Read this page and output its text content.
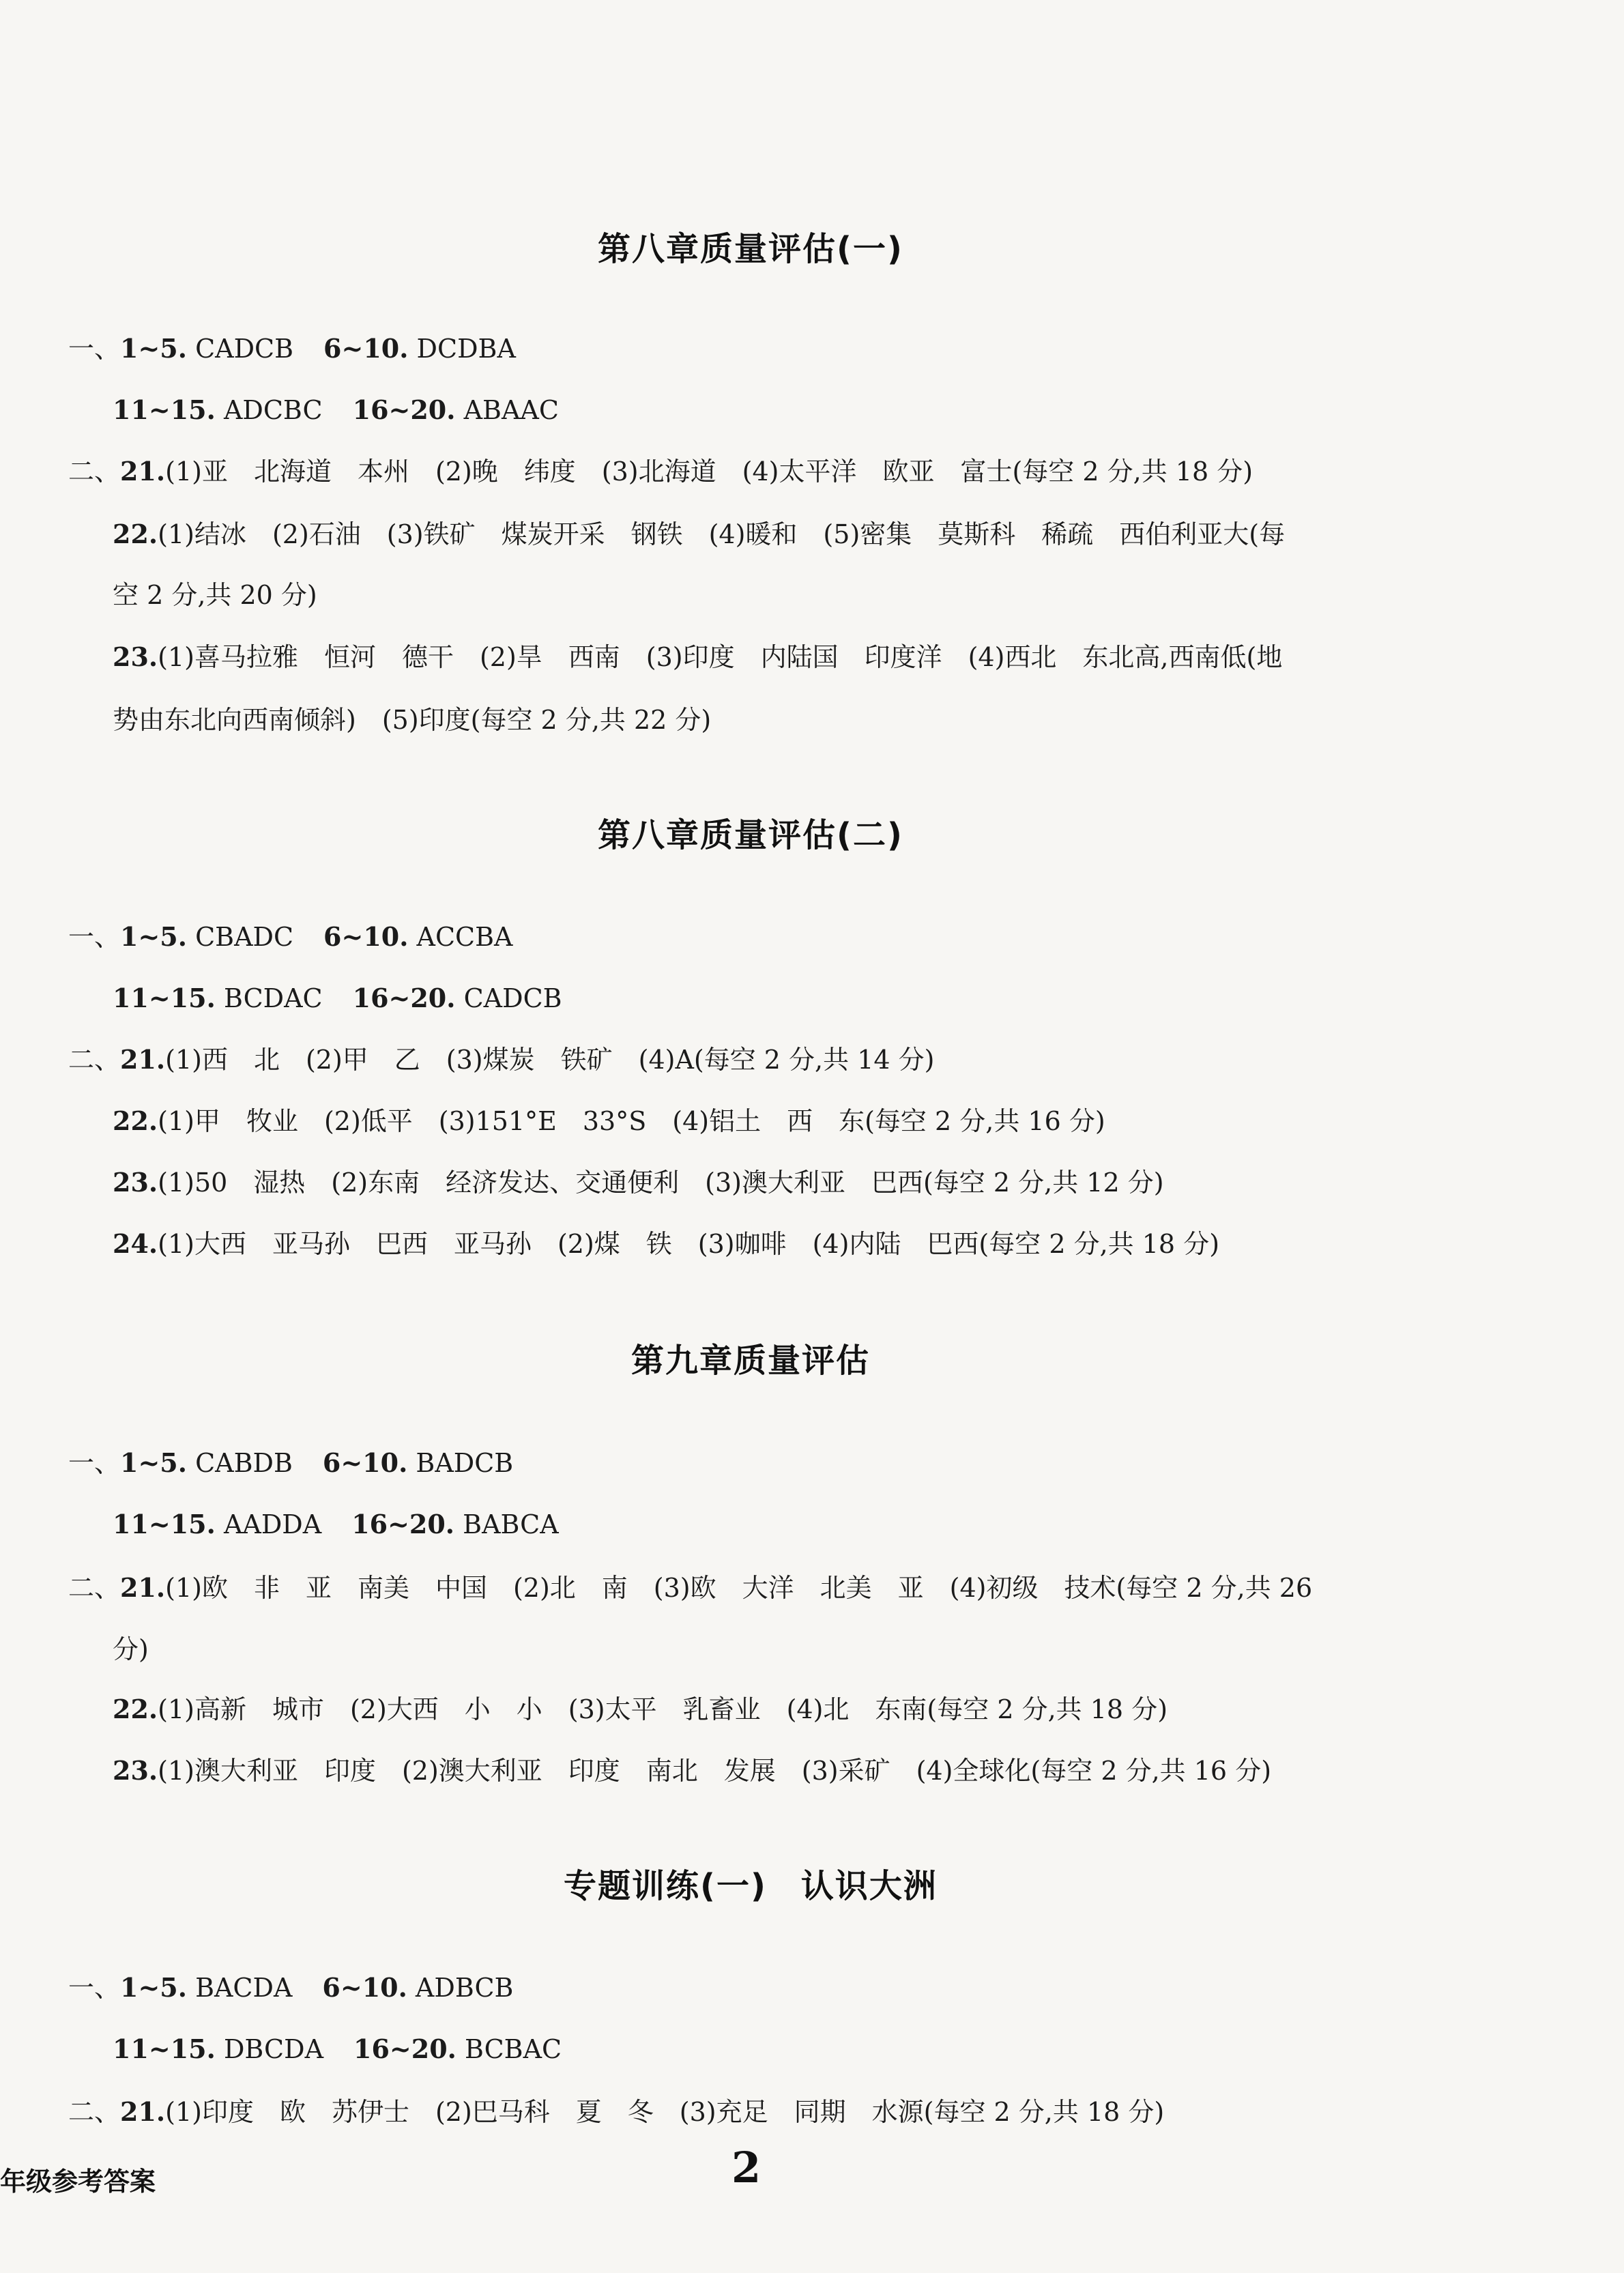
第八章质量评估(一)
一、1~5. CADCB 6~10. DCDBA
11~15. ADCBC 16~20. ABAAC
二、21.(1)亚　北海道　本州　(2)晚　纬度　(3)北海道　(4)太平洋　欧亚　富士(每空 2 分,共 18 分)
22.(1)结冰　(2)石油　(3)铁矿　煤炭开采　钢铁　(4)暖和　(5)密集　莫斯科　稀疏　西伯利亚大(每
空 2 分,共 20 分)
23.(1)喜马拉雅　恒河　德干　(2)旱　西南　(3)印度　内陆国　印度洋　(4)西北　东北高,西南低(地
势由东北向西南倾斜)　(5)印度(每空 2 分,共 22 分)
第八章质量评估(二)
一、1~5. CBADC 6~10. ACCBA
11~15. BCDAC 16~20. CADCB
二、21.(1)西　北　(2)甲　乙　(3)煤炭　铁矿　(4)A(每空 2 分,共 14 分)
22.(1)甲　牧业　(2)低平　(3)151°E　33°S　(4)铝土　西　东(每空 2 分,共 16 分)
23.(1)50　湿热　(2)东南　经济发达、交通便利　(3)澳大利亚　巴西(每空 2 分,共 12 分)
24.(1)大西　亚马孙　巴西　亚马孙　(2)煤　铁　(3)咖啡　(4)内陆　巴西(每空 2 分,共 18 分)
第九章质量评估
一、1~5. CABDB 6~10. BADCB
11~15. AADDA 16~20. BABCA
二、21.(1)欧　非　亚　南美　中国　(2)北　南　(3)欧　大洋　北美　亚　(4)初级　技术(每空 2 分,共 26
分)
22.(1)高新　城市　(2)大西　小　小　(3)太平　乳畜业　(4)北　东南(每空 2 分,共 18 分)
23.(1)澳大利亚　印度　(2)澳大利亚　印度　南北　发展　(3)采矿　(4)全球化(每空 2 分,共 16 分)
专题训练(一)　认识大洲
一、1~5. BACDA 6~10. ADBCB
11~15. DBCDA 16~20. BCBAC
二、21.(1)印度　欧　苏伊士　(2)巴马科　夏　冬　(3)充足　同期　水源(每空 2 分,共 18 分)
年级参考答案	2
